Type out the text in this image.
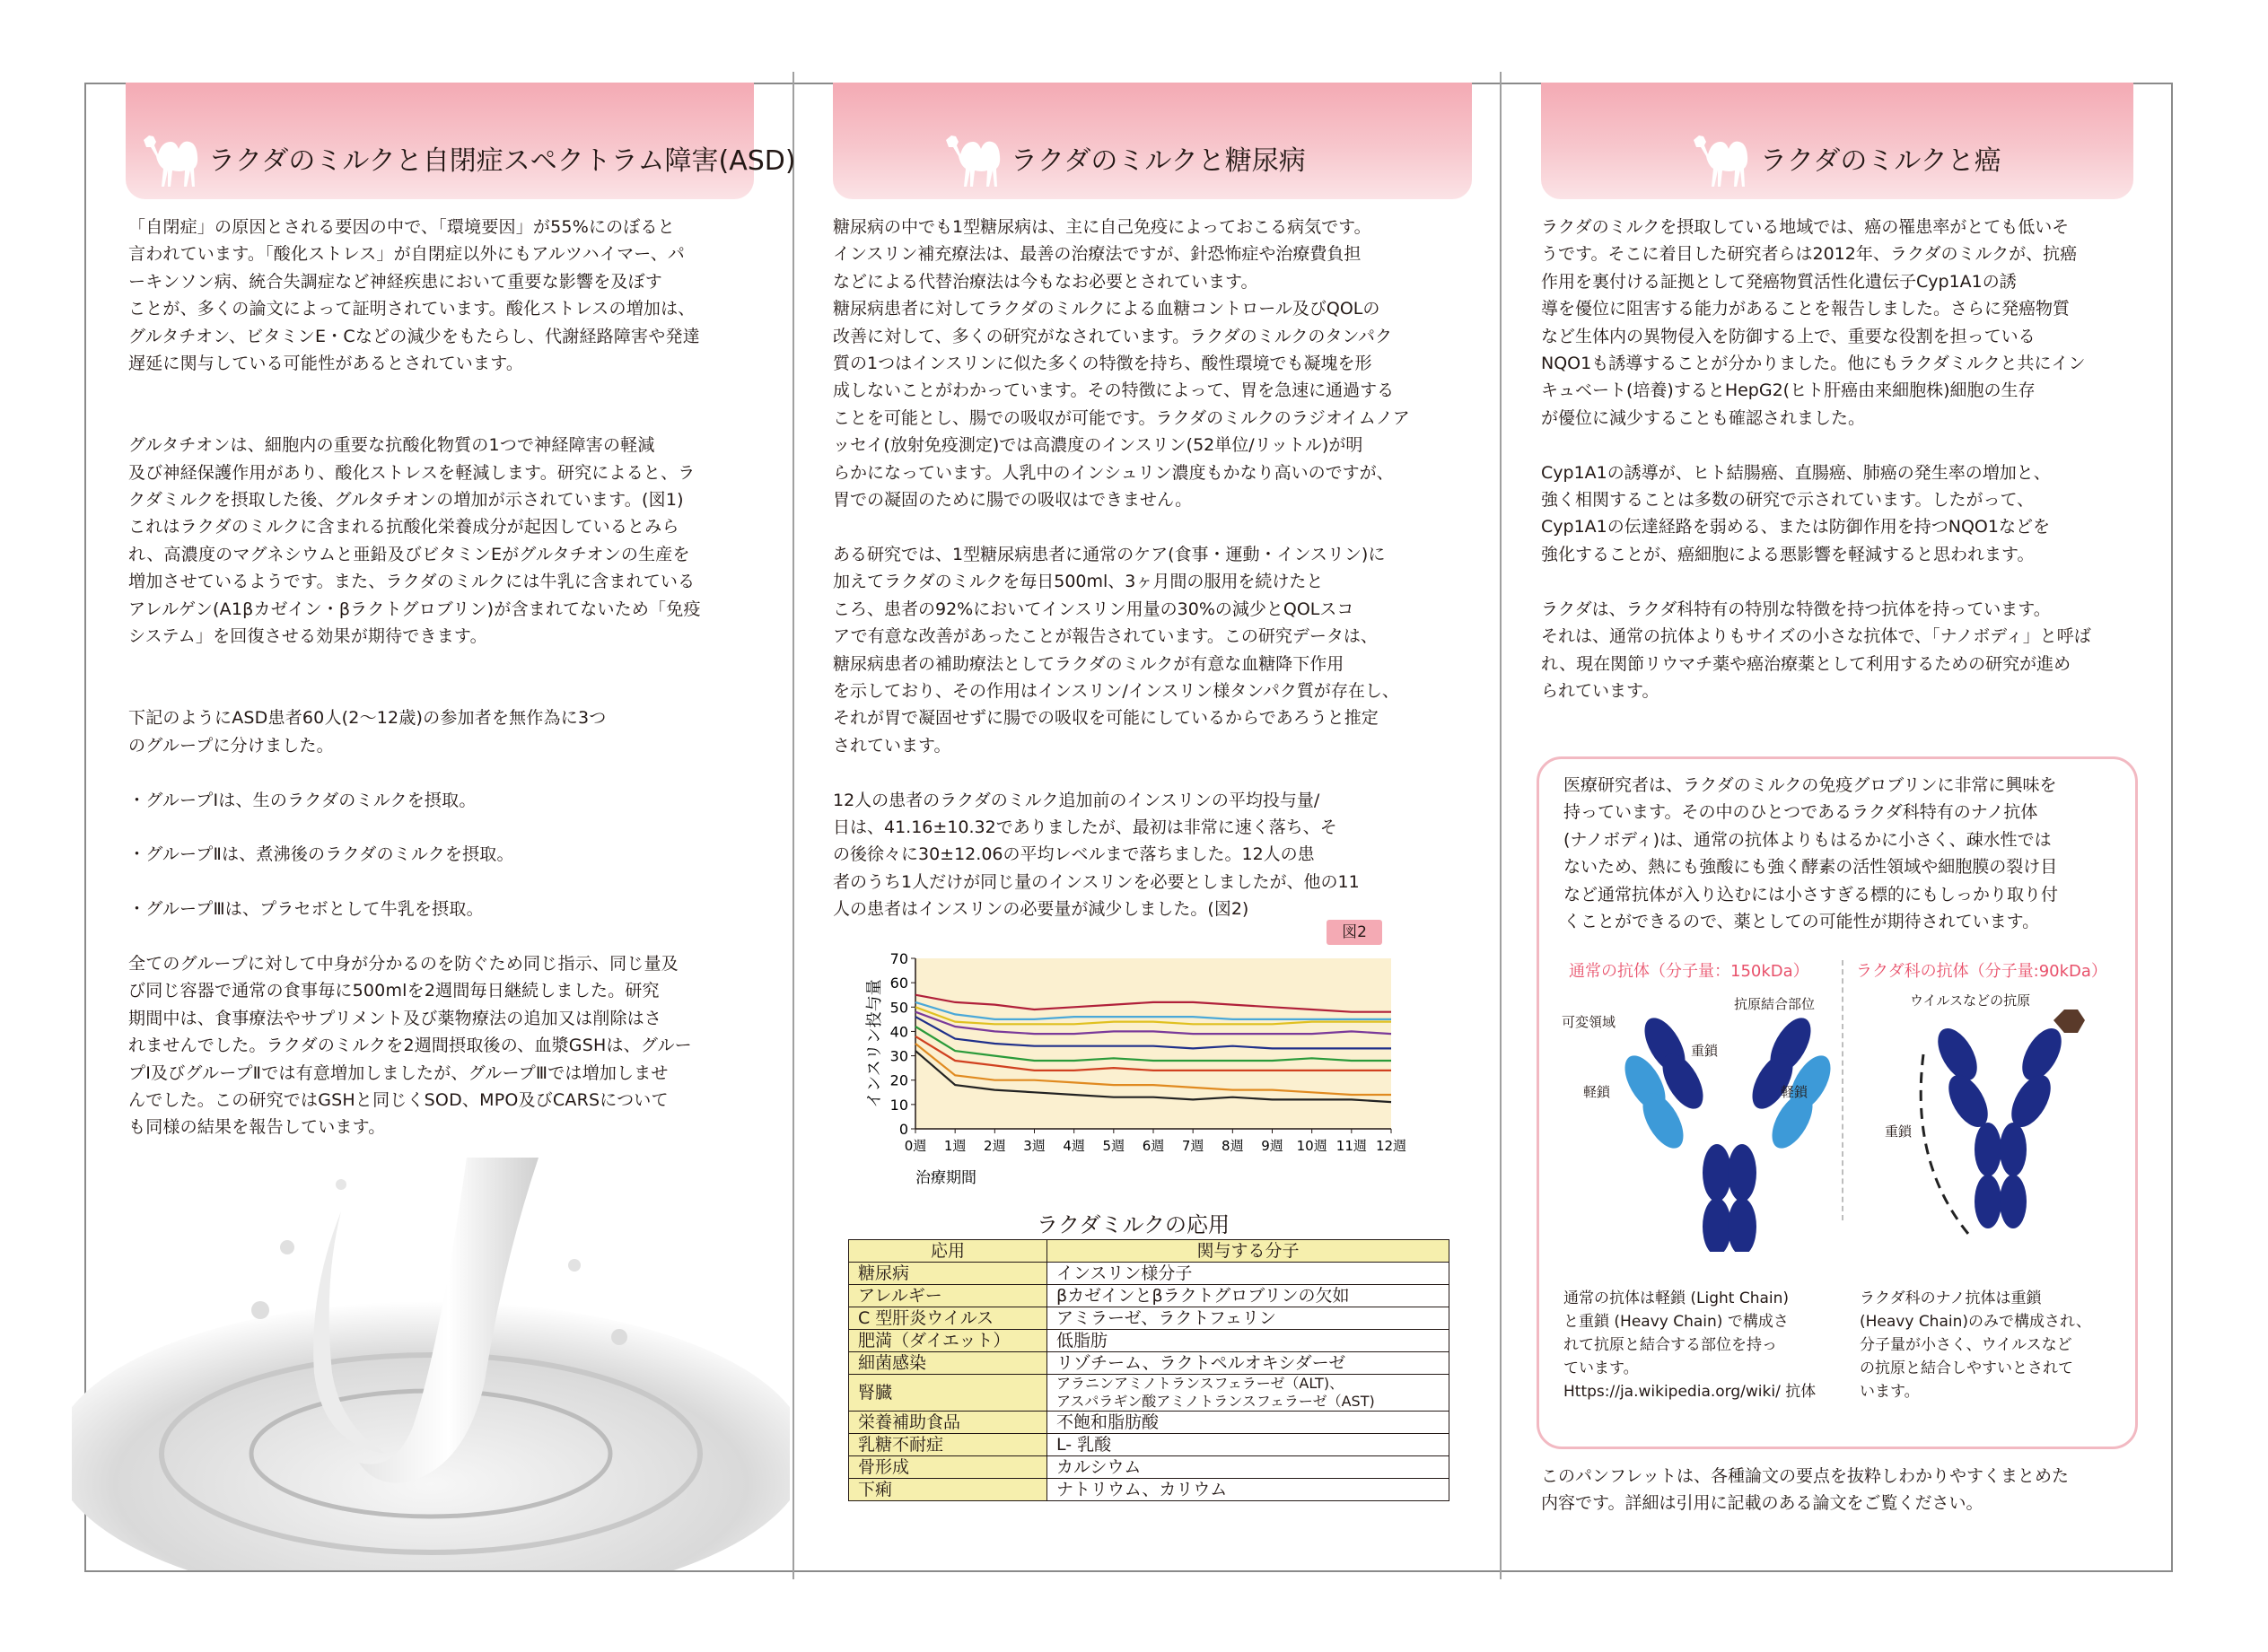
ラクダのミルクと自閉症スペクトラム障害(ASD)
「自閉症」の原因とされる要因の中で、「環境要因」が55%にのぼると
言われています。「酸化ストレス」が自閉症以外にもアルツハイマー、パ
ーキンソン病、統合失調症など神経疾患において重要な影響を及ぼす
ことが、多くの論文によって証明されています。酸化ストレスの増加は、
グルタチオン、ビタミンE・Cなどの減少をもたらし、代謝経路障害や発達
遅延に関与している可能性があるとされています。

グルタチオンは、細胞内の重要な抗酸化物質の1つで神経障害の軽減
及び神経保護作用があり、酸化ストレスを軽減します。研究によると、ラ
クダミルクを摂取した後、グルタチオンの増加が示されています。(図1)
これはラクダのミルクに含まれる抗酸化栄養成分が起因しているとみら
れ、高濃度のマグネシウムと亜鉛及びビタミンEがグルタチオンの生産を
増加させているようです。また、ラクダのミルクには牛乳に含まれている
アレルゲン(A1βカゼイン・βラクトグロブリン)が含まれてないため「免疫
システム」を回復させる効果が期待できます。

下記のようにASD患者60人(2〜12歳)の参加者を無作為に3つ
のグループに分けました。

・グループⅠは、生のラクダのミルクを摂取。

・グループⅡは、煮沸後のラクダのミルクを摂取。

・グループⅢは、プラセボとして牛乳を摂取。

全てのグループに対して中身が分かるのを防ぐため同じ指示、同じ量及
び同じ容器で通常の食事毎に500mlを2週間毎日継続しました。研究
期間中は、食事療法やサプリメント及び薬物療法の追加又は削除はさ
れませんでした。ラクダのミルクを2週間摂取後の、血漿GSHは、グルー
プⅠ及びグループⅡでは有意増加しましたが、グループⅢでは増加しませ
んでした。この研究ではGSHと同じくSOD、MPO及びCARSについて
も同様の結果を報告しています。
ラクダのミルクと糖尿病
糖尿病の中でも1型糖尿病は、主に自己免疫によっておこる病気です。
インスリン補充療法は、最善の治療法ですが、針恐怖症や治療費負担
などによる代替治療法は今もなお必要とされています。
糖尿病患者に対してラクダのミルクによる血糖コントロール及びQOLの
改善に対して、多くの研究がなされています。ラクダのミルクのタンパク
質の1つはインスリンに似た多くの特徴を持ち、酸性環境でも凝塊を形
成しないことがわかっています。その特徴によって、胃を急速に通過する
ことを可能とし、腸での吸収が可能です。ラクダのミルクのラジオイムノア
ッセイ(放射免疫測定)では高濃度のインスリン(52単位/リットル)が明
らかになっています。人乳中のインシュリン濃度もかなり高いのですが、
胃での凝固のために腸での吸収はできません。

ある研究では、1型糖尿病患者に通常のケア(食事・運動・インスリン)に
加えてラクダのミルクを毎日500ml、3ヶ月間の服用を続けたと
ころ、患者の92%においてインスリン用量の30%の減少とQOLスコ
アで有意な改善があったことが報告されています。この研究データは、
糖尿病患者の補助療法としてラクダのミルクが有意な血糖降下作用
を示しており、その作用はインスリン/インスリン様タンパク質が存在し、
それが胃で凝固せずに腸での吸収を可能にしているからであろうと推定
されています。

12人の患者のラクダのミルク追加前のインスリンの平均投与量/
日は、41.16±10.32でありましたが、最初は非常に速く落ち、そ
の後徐々に30±12.06の平均レベルまで落ちました。12人の患
者のうち1人だけが同じ量のインスリンを必要としましたが、他の11
人の患者はインスリンの必要量が減少しました。(図2)
図2
0
10
20
30
40
50
60
70
0週 1週 2週 3週 4週 5週 6週 7週 8週 9週 10週 11週 12週
インスリン投与量
治療期間
ラクダミルクの応用
応用	関与する分子
糖尿病	インスリン様分子
アレルギー	βカゼインとβラクトグロブリンの欠如
C 型肝炎ウイルス	アミラーゼ、ラクトフェリン
肥満（ダイエット）	低脂肪
細菌感染	リゾチーム、ラクトペルオキシダーゼ
腎臓	アラニンアミノトランスフェラーゼ（ALT)、
アスパラギン酸アミノトランスフェラーゼ（AST)

栄養補助食品	不飽和脂肪酸
乳糖不耐症	L- 乳酸
骨形成	カルシウム
下痢	ナトリウム、カリウム
ラクダのミルクと癌
ラクダのミルクを摂取している地域では、癌の罹患率がとても低いそ
うです。そこに着目した研究者らは2012年、ラクダのミルクが、抗癌
作用を裏付ける証拠として発癌物質活性化遺伝子Cyp1A1の誘
導を優位に阻害する能力があることを報告しました。さらに発癌物質
など生体内の異物侵入を防御する上で、重要な役割を担っている
NQO1も誘導することが分かりました。他にもラクダミルクと共にイン
キュベート(培養)するとHepG2(ヒト肝癌由来細胞株)細胞の生存
が優位に減少することも確認されました。

Cyp1A1の誘導が、ヒト結腸癌、直腸癌、肺癌の発生率の増加と、
強く相関することは多数の研究で示されています。したがって、
Cyp1A1の伝達経路を弱める、または防御作用を持つNQO1などを
強化することが、癌細胞による悪影響を軽減すると思われます。

ラクダは、ラクダ科特有の特別な特徴を持つ抗体を持っています。
それは、通常の抗体よりもサイズの小さな抗体で、「ナノボディ」と呼ば
れ、現在関節リウマチ薬や癌治療薬として利用するための研究が進め
られています。
医療研究者は、ラクダのミルクの免疫グロブリンに非常に興味を
持っています。その中のひとつであるラクダ科特有のナノ抗体
(ナノボディ)は、通常の抗体よりもはるかに小さく、疎水性では
ないため、熱にも強酸にも強く酵素の活性領域や細胞膜の裂け目
など通常抗体が入り込むには小さすぎる標的にもしっかり取り付
くことができるので、薬としての可能性が期待されています。
通常の抗体（分子量：150kDa）	ラクダ科の抗体（分子量:90kDa）
可変領域
抗原結合部位
重鎖
軽鎖	軽鎖
重鎖
ウイルスなどの抗原
通常の抗体は軽鎖 (Light Chain)
と重鎖 (Heavy Chain) で構成さ
れて抗原と結合する部位を持っ
ています。
Https://ja.wikipedia.org/wiki/ 抗体
ラクダ科のナノ抗体は重鎖
(Heavy Chain)のみで構成され、
分子量が小さく、ウイルスなど
の抗原と結合しやすいとされて
います。
このパンフレットは、各種論文の要点を抜粋しわかりやすくまとめた
内容です。詳細は引用に記載のある論文をご覧ください。
